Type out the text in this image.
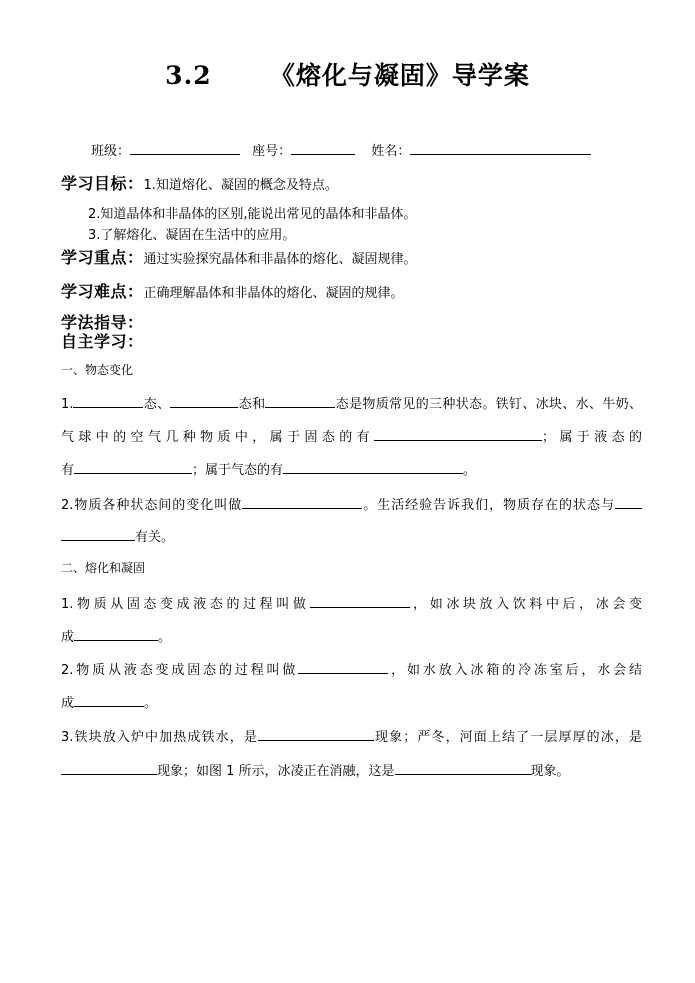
3.2      《熔化与凝固》导学案
班级：	座号：	姓名：
学习目标：1.知道熔化、凝固的概念及特点。
2.知道晶体和非晶体的区别,能说出常见的晶体和非晶体。
3.了解熔化、凝固在生活中的应用。
学习重点：通过实验探究晶体和非晶体的熔化、凝固规律。
学习难点：正确理解晶体和非晶体的熔化、凝固的规律。
学法指导：
自主学习：
一、物态变化
1.	态、	态和	态是物质常见的三种状态。铁钉、冰块、水、牛奶、
气球中的空气几种物质中，属于固态的有	；属于液态的
有	；属于气态的有	。
2.物质各种状态间的变化叫做	。生活经验告诉我们，物质存在的状态与
有关。
二、熔化和凝固
1.物质从固态变成液态的过程叫做	，如冰块放入饮料中后，冰会变
成	。
2.物质从液态变成固态的过程叫做	，如水放入冰箱的冷冻室后，水会结
成	。
3.铁块放入炉中加热成铁水，是	现象；严冬，河面上结了一层厚厚的冰，是
现象；如图 1 所示，冰凌正在消融，这是	现象。
